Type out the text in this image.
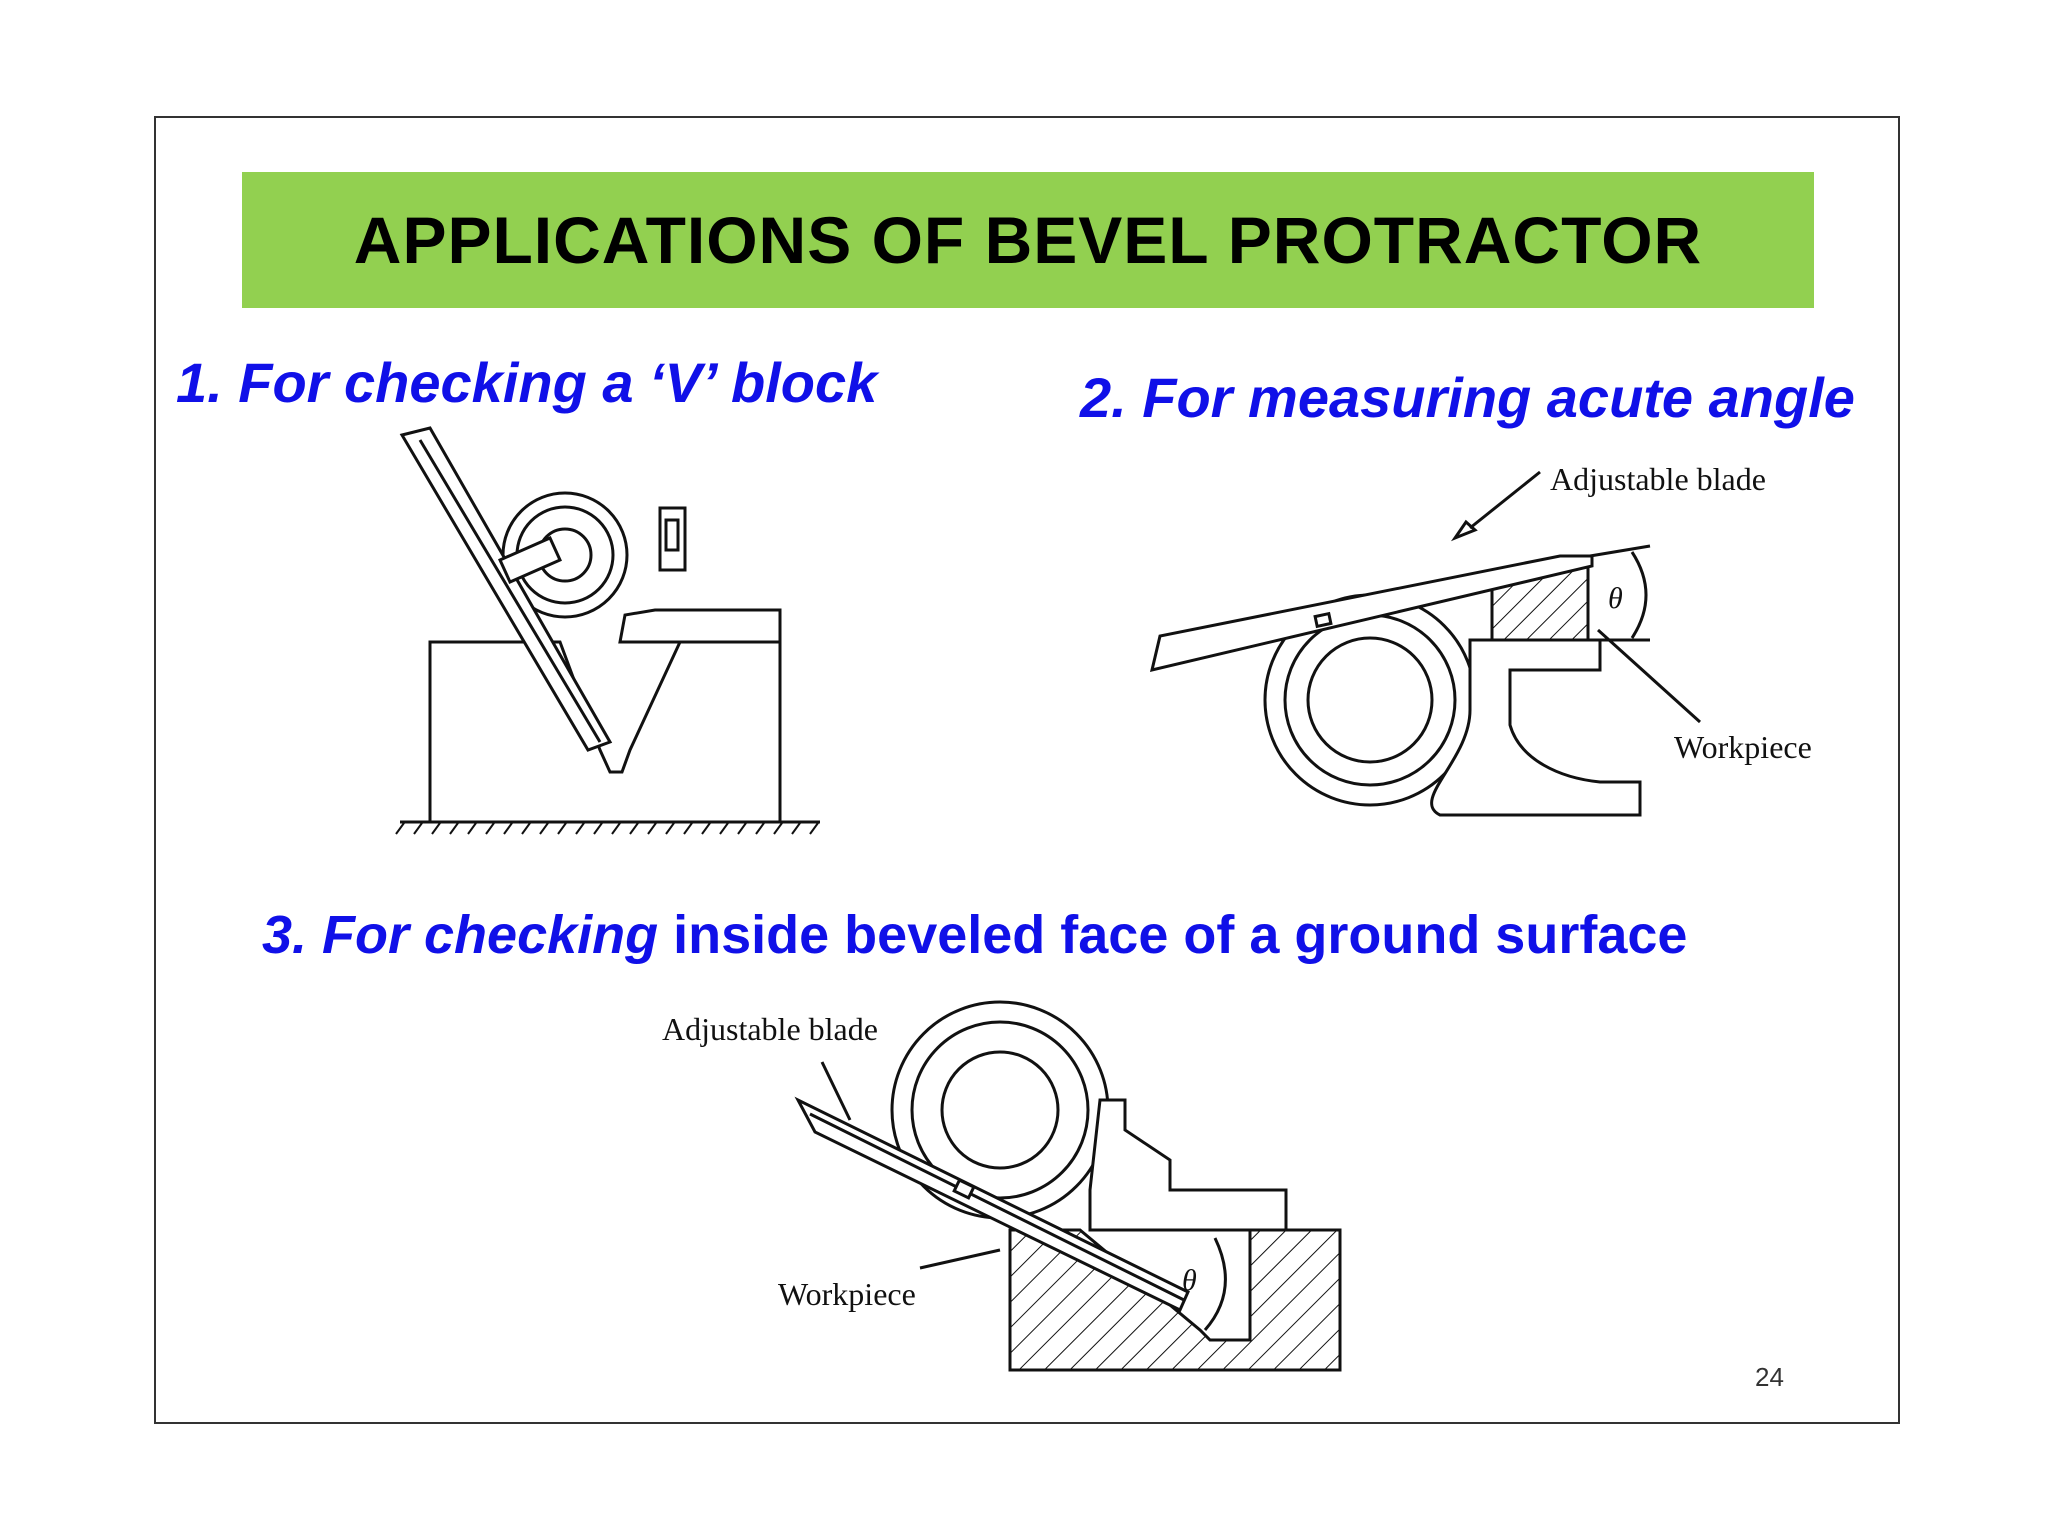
APPLICATIONS OF BEVEL PROTRACTOR
1. For checking a ‘V’ block	2. For measuring acute angle
3. For checking inside beveled face of a ground surface
θ
Adjustable blade
Workpiece
θ
Adjustable blade
Workpiece
24
